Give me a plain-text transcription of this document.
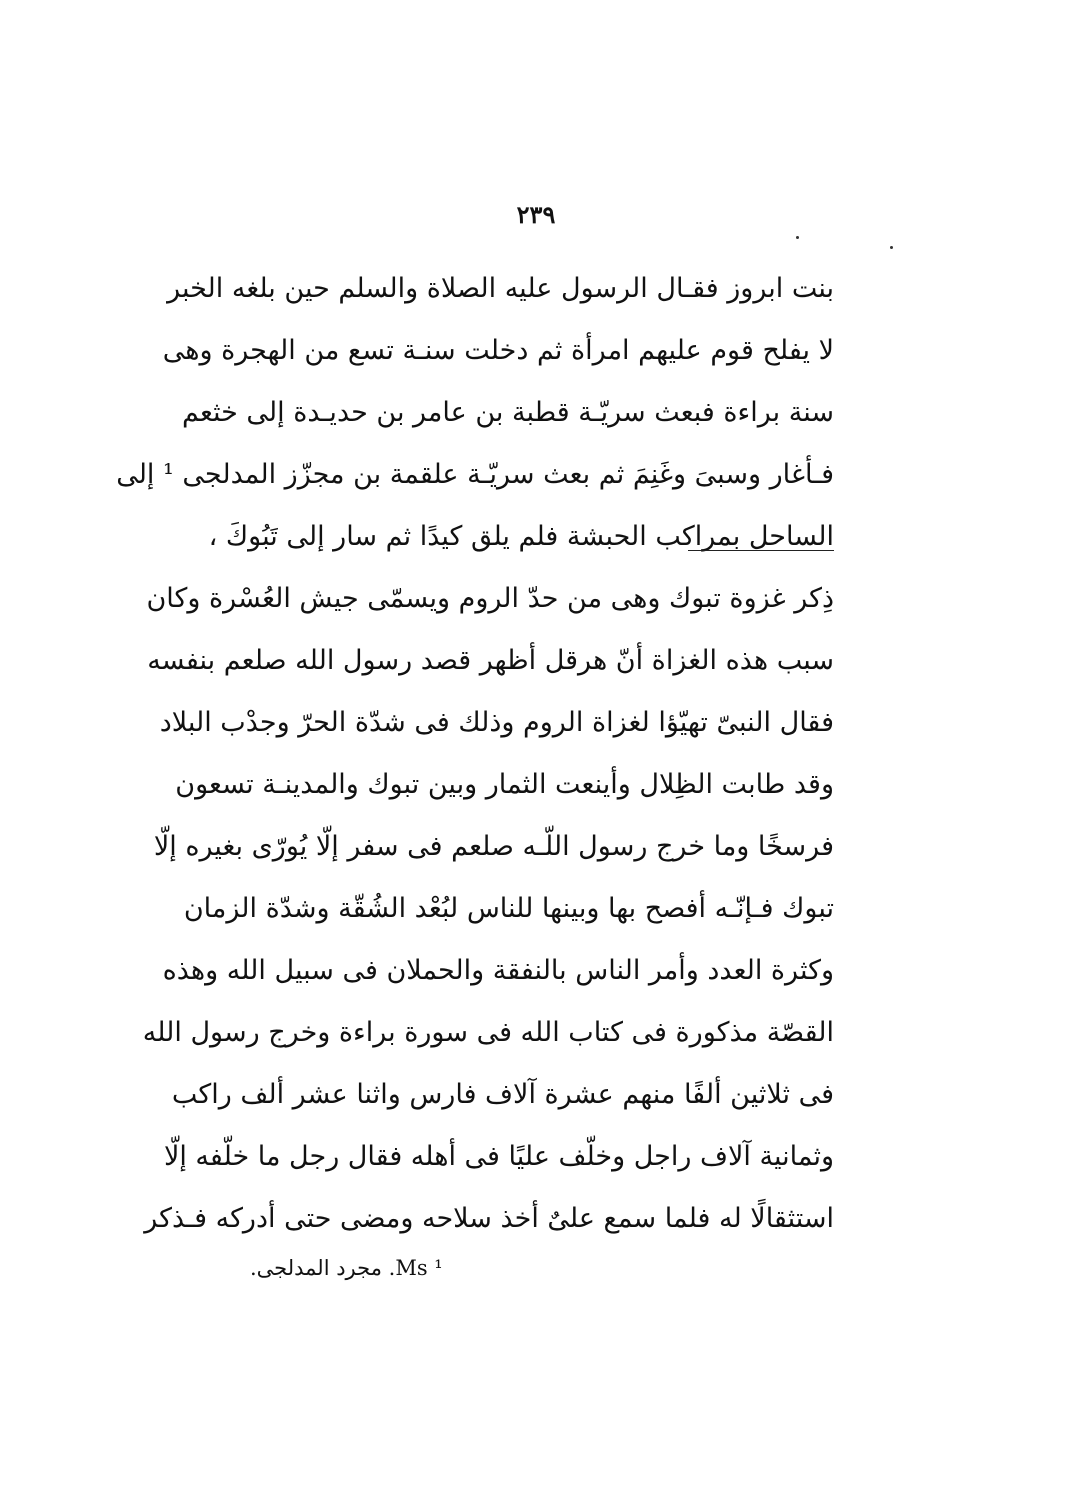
٢٣٩
بنت ابروز فقـال الرسول عليه الصلاة والسلم حين بلغه الخبر
لا يفلح قوم عليهم امرأة ثم دخلت سنـة تسع من الهجرة وهى
سنة براءة فبعث سريّـة قطبة بن عامر بن حديـدة إلى خثعم
فـأغار وسبىَ وغَنِمَ ثم بعث سريّـة علقمة بن مجزّز المدلجى ¹ إلى
الساحل بمراكب الحبشة فلم يلق كيدًا ثم سار إلى تَبُوكَ ،
ذِكر غزوة تبوك وهى من حدّ الروم ويسمّى جيش العُسْرة وكان
سبب هذه الغزاة أنّ هرقل أظهر قصد رسول الله صلعم بنفسه
فقال النبىّ تهيّؤا لغزاة الروم وذلك فى شدّة الحرّ وجدْب البلاد
وقد طابت الظِلال وأينعت الثمار وبين تبوك والمدينـة تسعون
فرسخًا وما خرج رسول اللّـه صلعم فى سفر إلّا يُورّى بغيره إلّا
تبوك فـإنّـه أفصح بها وبينها للناس لبُعْد الشُقّة وشدّة الزمان
وكثرة العدد وأمر الناس بالنفقة والحملان فى سبيل الله وهذه
القصّة مذكورة فى كتاب الله فى سورة براءة وخرج رسول الله
فى ثلاثين ألفًا منهم عشرة آلاف فارس واثنا عشر ألف راكب
وثمانية آلاف راجل وخلّف عليًا فى أهله فقال رجل ما خلّفه إلّا
استثقالًا له فلما سمع علىٌ أخذ سلاحه ومضى حتى أدركه فـذكر
¹ Ms. مجرد المدلجى.
